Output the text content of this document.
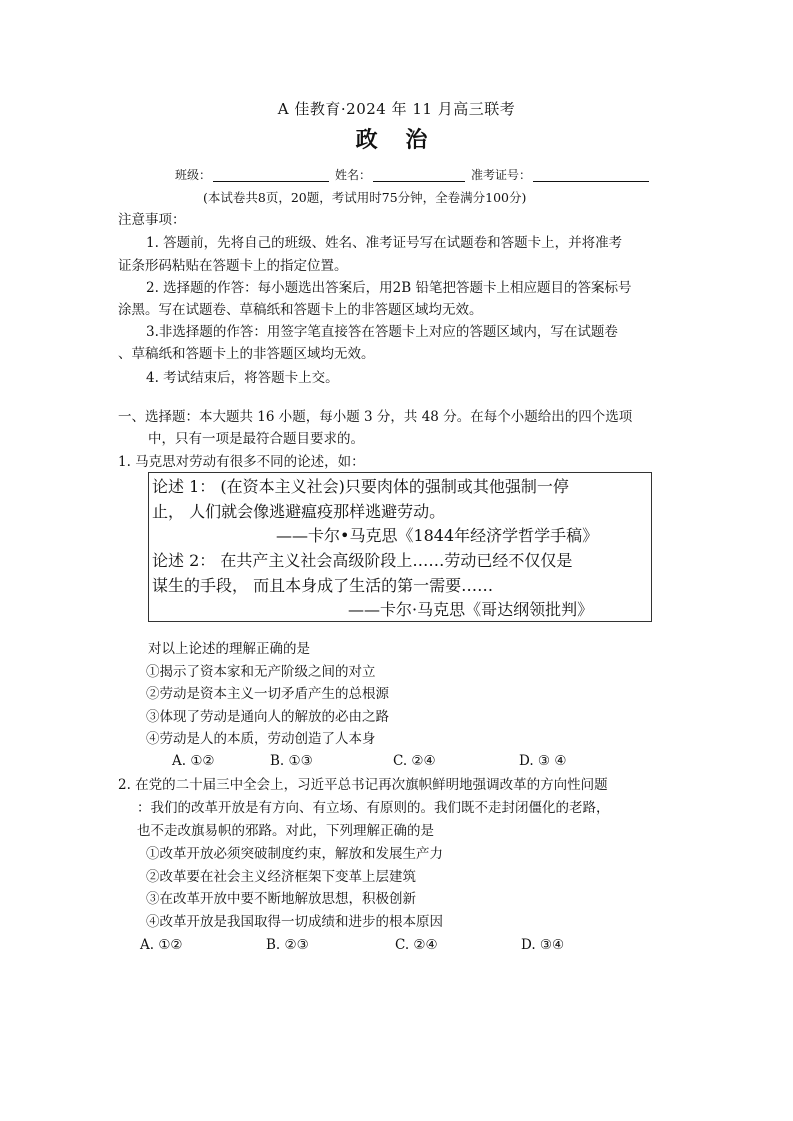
A 佳教育·2024 年 11 月高三联考
政 治
班级：	姓名：	准考证号：
(本试卷共8页，20题，考试用时75分钟，全卷满分100分)
注意事项：
1. 答题前，先将自己的班级、姓名、准考证号写在试题卷和答题卡上，并将准考
证条形码粘贴在答题卡上的指定位置。
2. 选择题的作答：每小题选出答案后，用2B 铅笔把答题卡上相应题目的答案标号
涂黑。写在试题卷、草稿纸和答题卡上的非答题区域均无效。
3.非选择题的作答：用签字笔直接答在答题卡上对应的答题区域内，写在试题卷
、草稿纸和答题卡上的非答题区域均无效。
4. 考试结束后，将答题卡上交。
一、选择题：本大题共 16 小题，每小题 3 分，共 48 分。在每个小题给出的四个选项
中，只有一项是最符合题目要求的。
1. 马克思对劳动有很多不同的论述，如：
论述 1： (在资本主义社会)只要肉体的强制或其他强制一停
止， 人们就会像逃避瘟疫那样逃避劳动。
——卡尔•马克思《1844年经济学哲学手稿》
论述 2： 在共产主义社会高级阶段上……劳动已经不仅仅是
谋生的手段， 而且本身成了生活的第一需要……
——卡尔·马克思《哥达纲领批判》
对以上论述的理解正确的是
①揭示了资本家和无产阶级之间的对立
②劳动是资本主义一切矛盾产生的总根源
③体现了劳动是通向人的解放的必由之路
④劳动是人的本质，劳动创造了人本身
A. ①②	B. ①③	C. ②④	D. ③ ④
2. 在党的二十届三中全会上，习近平总书记再次旗帜鲜明地强调改革的方向性问题
：我们的改革开放是有方向、有立场、有原则的。我们既不走封闭僵化的老路，
也不走改旗易帜的邪路。对此，下列理解正确的是
①改革开放必须突破制度约束，解放和发展生产力
②改革要在社会主义经济框架下变革上层建筑
③在改革开放中要不断地解放思想，积极创新
④改革开放是我国取得一切成绩和进步的根本原因
A. ①②	B. ②③	C. ②④	D. ③④
